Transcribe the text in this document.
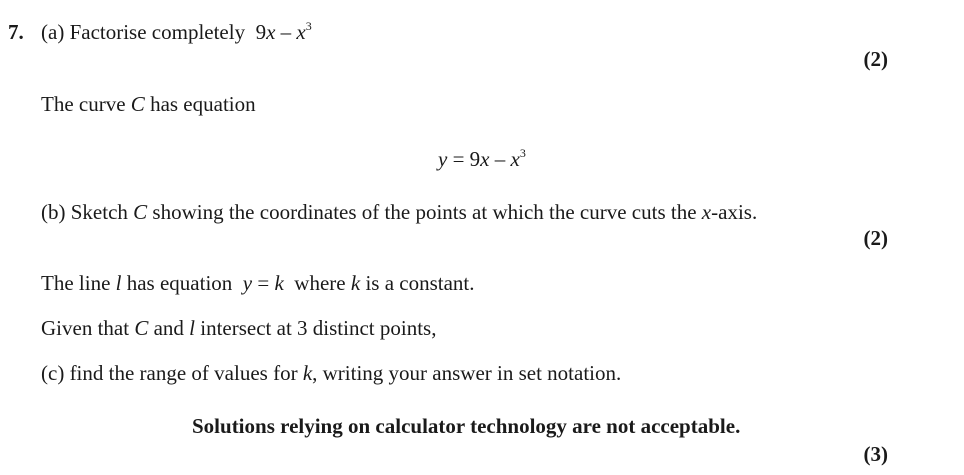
7. (a) Factorise completely $9x - x^3$
(2)
The curve C has equation
$y = 9x - x^3$
(b) Sketch C showing the coordinates of the points at which the curve cuts the x-axis.
(2)
The line l has equation  y = k  where k is a constant.
Given that C and l intersect at 3 distinct points,
(c) find the range of values for k, writing your answer in set notation.
Solutions relying on calculator technology are not acceptable.
(3)
